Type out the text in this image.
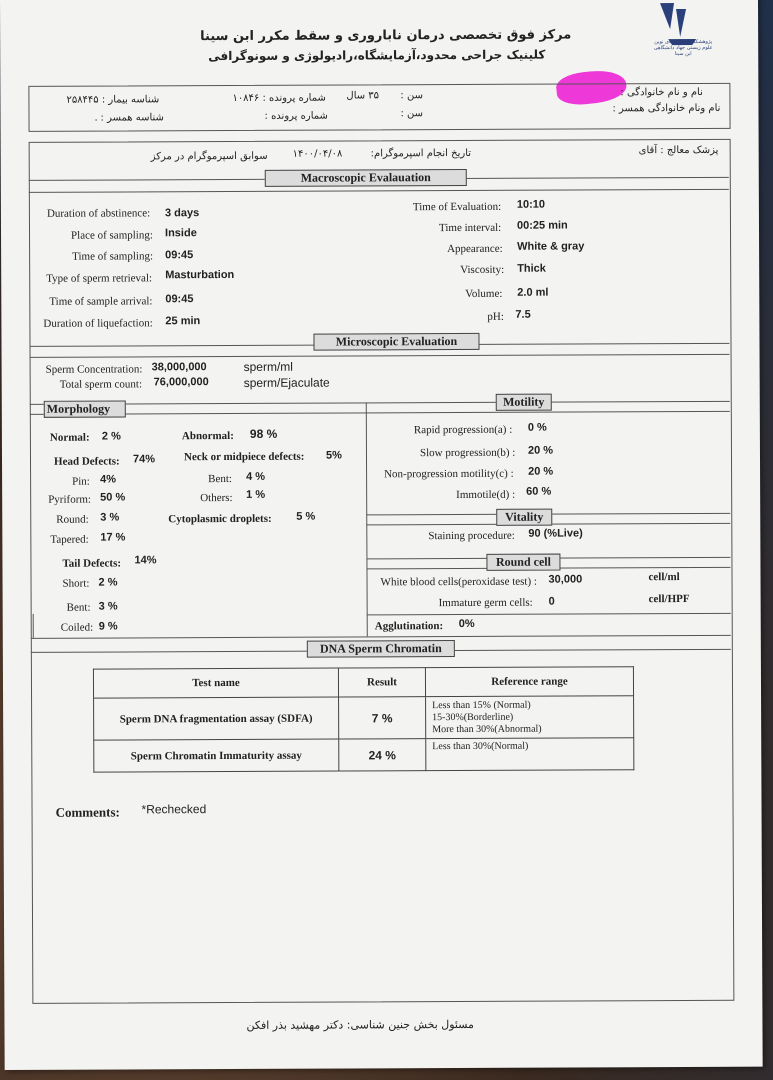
پژوهشکده فناوری های نوین علوم زیستی جهاد دانشگاهی ابن سینا
مرکز فوق تخصصی درمان ناباروری و سقط مکرر ابن سینا
کلینیک جراحی محدود،آزمایشگاه،رادیولوژی و سونوگرافی
نام و نام خانوادگی :
نام ونام خانوادگی همسر :
سن :
۳۵ سال
سن :
شماره پرونده : ۱۰۸۴۶
شماره پرونده :
شناسه بیمار : ۲۵۸۴۴۵
شناسه همسر :
.
پزشک معالج : آقای
تاریخ انجام اسپرموگرام:
۱۴۰۰/۰۴/۰۸
سوابق اسپرموگرام در مرکز
Macroscopic Evalauation
Duration of abstinence: 3 days
Place of sampling: Inside
Time of sampling: 09:45
Type of sperm retrieval: Masturbation
Time of sample arrival: 09:45
Duration of liquefaction: 25 min
Time of Evaluation: 10:10
Time interval: 00:25 min
Appearance: White & gray
Viscosity: Thick
Volume: 2.0 ml
pH: 7.5
Microscopic Evaluation
Sperm Concentration: 38,000,000	sperm/ml
Total sperm count: 76,000,000	sperm/Ejaculate
Morphology	Motility
Normal: 2 %	Abnormal: 98 %
Head Defects: 74%	Neck or midpiece defects: 5%
Pin: 4%	Bent: 4 %
Pyriform: 50 %	Others: 1 %
Round: 3 %	Cytoplasmic droplets: 5 %
Tapered: 17 %
Tail Defects: 14%
Short: 2 %
Bent: 3 %
Coiled: 9 %
Rapid progression(a) : 0 %
Slow progression(b) : 20 %
Non-progression motility(c) : 20 %
Immotile(d) : 60 %
Vitality
Staining procedure: 90 (%Live)
Round cell
White blood cells(peroxidase test) : 30,000	cell/ml
Immature germ cells: 0	cell/HPF
Agglutination: 0%
DNA Sperm Chromatin
Test name	Result	Reference range
Sperm DNA fragmentation assay (SDFA)	7 %	Less than 15% (Normal)
15-30%(Borderline)
More than 30%(Abnormal)

Sperm Chromatin Immaturity assay	24 %	Less than 30%(Normal)
Comments: *Rechecked
مسئول بخش جنین شناسی: دکتر مهشید بذر افکن
